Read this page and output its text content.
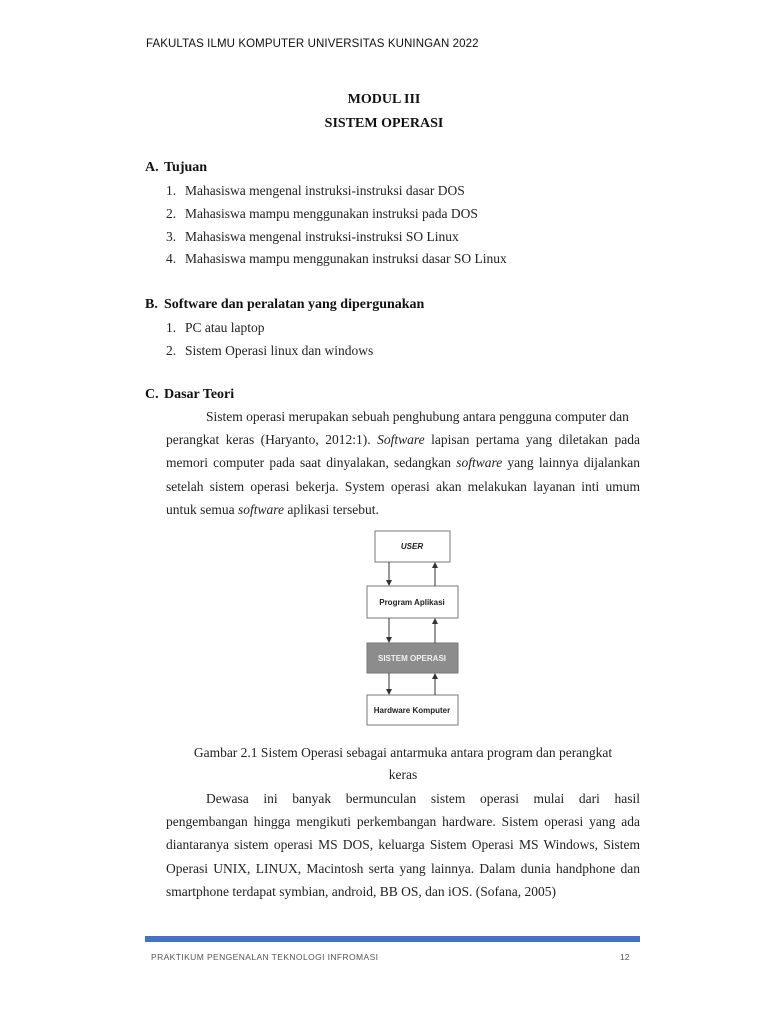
FAKULTAS ILMU KOMPUTER UNIVERSITAS KUNINGAN 2022
MODUL III
SISTEM OPERASI
A. Tujuan
1. Mahasiswa mengenal instruksi-instruksi dasar DOS
2. Mahasiswa mampu menggunakan instruksi pada DOS
3. Mahasiswa mengenal instruksi-instruksi SO Linux
4. Mahasiswa mampu menggunakan instruksi dasar SO Linux
B. Software dan peralatan yang dipergunakan
1. PC atau laptop
2. Sistem Operasi linux dan windows
C. Dasar Teori
Sistem operasi merupakan sebuah penghubung antara pengguna computer dan
perangkat keras (Haryanto, 2012:1). Software lapisan pertama yang diletakan pada
memori computer pada saat dinyalakan, sedangkan software yang lainnya dijalankan
setelah sistem operasi bekerja. System operasi akan melakukan layanan inti umum
untuk semua software aplikasi tersebut.
USER
Program Aplikasi
SISTEM OPERASI
Hardware Komputer
Gambar 2.1 Sistem Operasi sebagai antarmuka antara program dan perangkat
keras
Dewasa ini banyak bermunculan sistem operasi mulai dari hasil
pengembangan hingga mengikuti perkembangan hardware. Sistem operasi yang ada
diantaranya sistem operasi MS DOS, keluarga Sistem Operasi MS Windows, Sistem
Operasi UNIX, LINUX, Macintosh serta yang lainnya. Dalam dunia handphone dan
smartphone terdapat symbian, android, BB OS, dan iOS. (Sofana, 2005)
PRAKTIKUM PENGENALAN TEKNOLOGI INFROMASI	12
